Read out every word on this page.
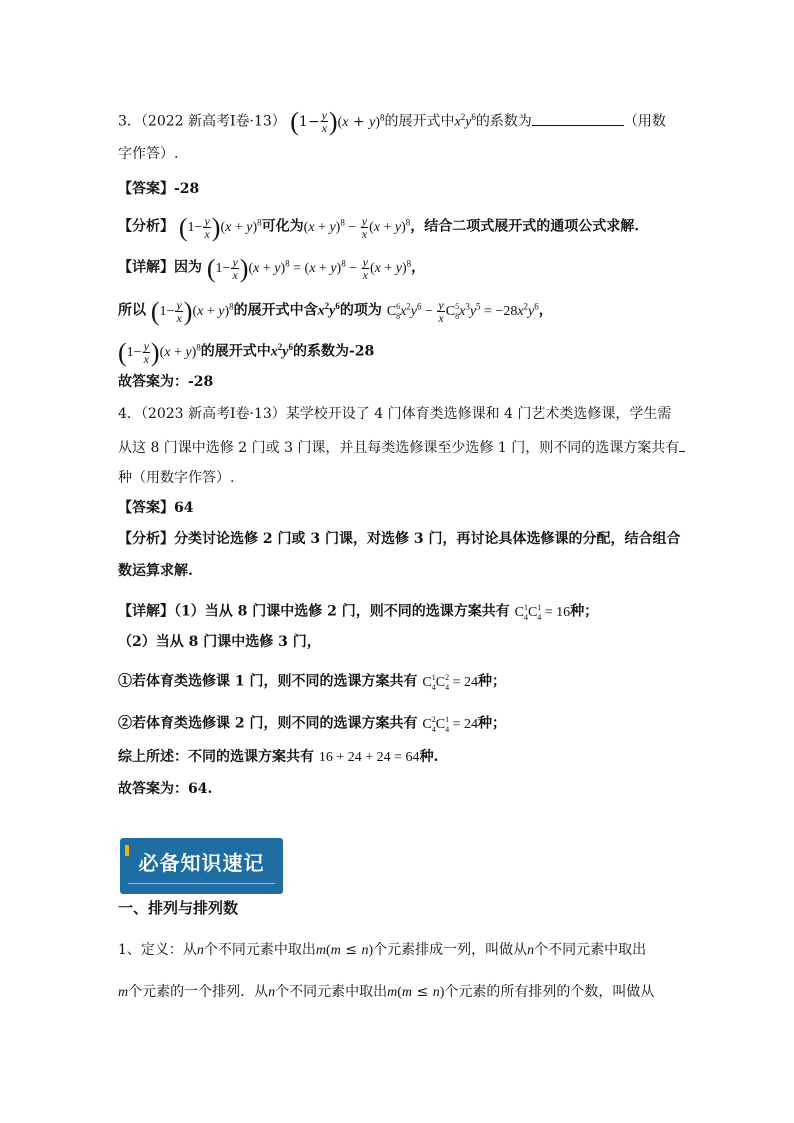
3．（2022 新高考Ⅰ卷·13） $(1- \frac{y}{x} )(x + y)^8$的展开式中$x^2y^6$的系数为	（用数
字作答）.
【答案】-28
【分析】 $(1- \frac{y}{x} )(x + y)^8$可化为$(x + y)^8 - \frac{y}{x} (x + y)^8$，结合二项式展开式的通项公式求解.
【详解】因为 $(1- \frac{y}{x} )(x + y)^8 = (x + y)^8 - \frac{y}{x} (x + y)^8$，
所以 $(1- \frac{y}{x} )(x + y)^8$的展开式中含$x^2y^6$的项为 $C_8^6x^2y^6 - \frac{y}{x} C_8^5x^3y^5 = -28x^2y^6$，
$(1- \frac{y}{x} )(x + y)^8$的展开式中$x^2y^6$的系数为-28
故答案为：-28
4．（2023 新高考Ⅰ卷·13）某学校开设了 4 门体育类选修课和 4 门艺术类选修课，学生需
从这 8 门课中选修 2 门或 3 门课，并且每类选修课至少选修 1 门，则不同的选课方案共有
种（用数字作答）.
【答案】64
【分析】分类讨论选修 2 门或 3 门课，对选修 3 门，再讨论具体选修课的分配，结合组合
数运算求解.
【详解】（1）当从 8 门课中选修 2 门，则不同的选课方案共有 $C_4^1C_4^1 = 16$种；
（2）当从 8 门课中选修 3 门，
①若体育类选修课 1 门，则不同的选课方案共有 $C_4^1C_4^2 = 24$种；
②若体育类选修课 2 门，则不同的选课方案共有 $C_4^2C_4^1 = 24$种；
综上所述：不同的选课方案共有 16 + 24 + 24 = 64种.
故答案为：64.
必备知识速记
一、排列与排列数
1、定义：从n个不同元素中取出m(m ≤ n)个元素排成一列，叫做从n个不同元素中取出
m个元素的一个排列．从n个不同元素中取出m(m ≤ n)个元素的所有排列的个数，叫做从
